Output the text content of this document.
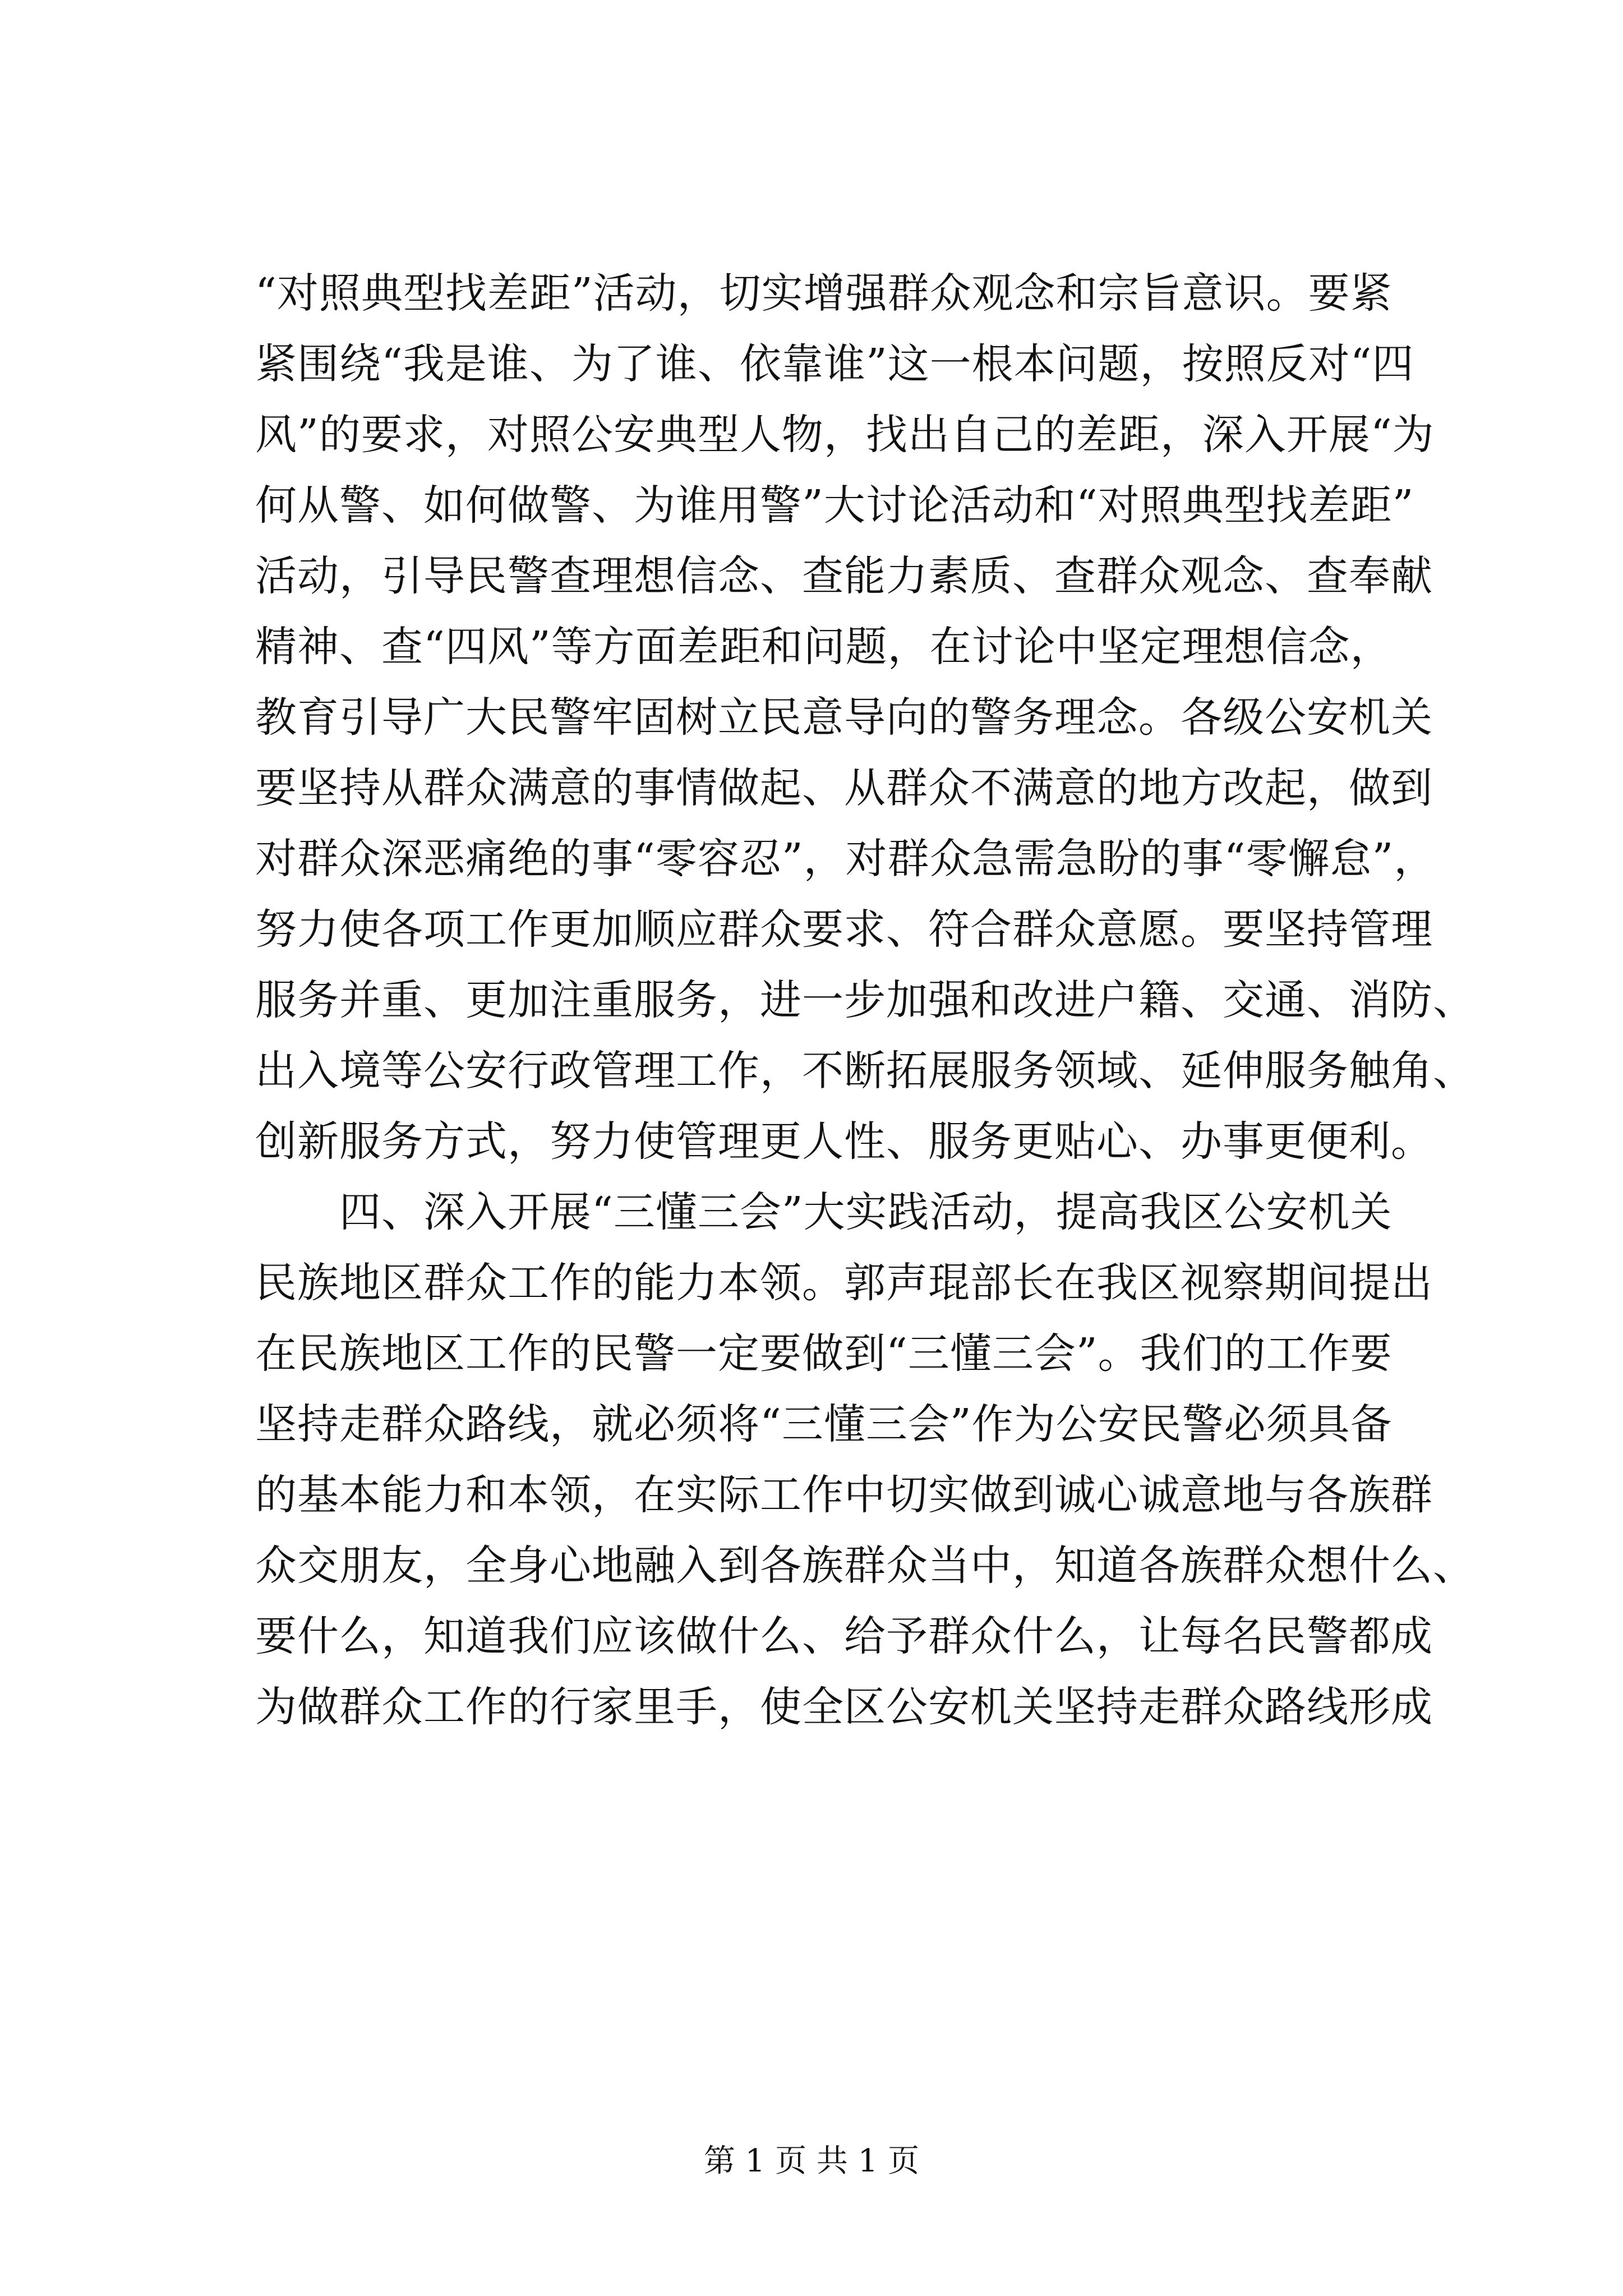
“对照典型找差距”活动，切实增强群众观念和宗旨意识。要紧
紧围绕“我是谁、为了谁、依靠谁”这一根本问题，按照反对“四
风”的要求，对照公安典型人物，找出自己的差距，深入开展“为
何从警、如何做警、为谁用警”大讨论活动和“对照典型找差距”
活动，引导民警查理想信念、查能力素质、查群众观念、查奉献
精神、查“四风”等方面差距和问题，在讨论中坚定理想信念，
教育引导广大民警牢固树立民意导向的警务理念。各级公安机关
要坚持从群众满意的事情做起、从群众不满意的地方改起，做到
对群众深恶痛绝的事“零容忍”，对群众急需急盼的事“零懈怠”，
努力使各项工作更加顺应群众要求、符合群众意愿。要坚持管理
服务并重、更加注重服务，进一步加强和改进户籍、交通、消防、
出入境等公安行政管理工作，不断拓展服务领域、延伸服务触角、
创新服务方式，努力使管理更人性、服务更贴心、办事更便利。
四、深入开展“三懂三会”大实践活动，提高我区公安机关
民族地区群众工作的能力本领。郭声琨部长在我区视察期间提出
在民族地区工作的民警一定要做到“三懂三会”。我们的工作要
坚持走群众路线，就必须将“三懂三会”作为公安民警必须具备
的基本能力和本领，在实际工作中切实做到诚心诚意地与各族群
众交朋友，全身心地融入到各族群众当中，知道各族群众想什么、
要什么，知道我们应该做什么、给予群众什么，让每名民警都成
为做群众工作的行家里手，使全区公安机关坚持走群众路线形成
第 1 页 共 1 页
